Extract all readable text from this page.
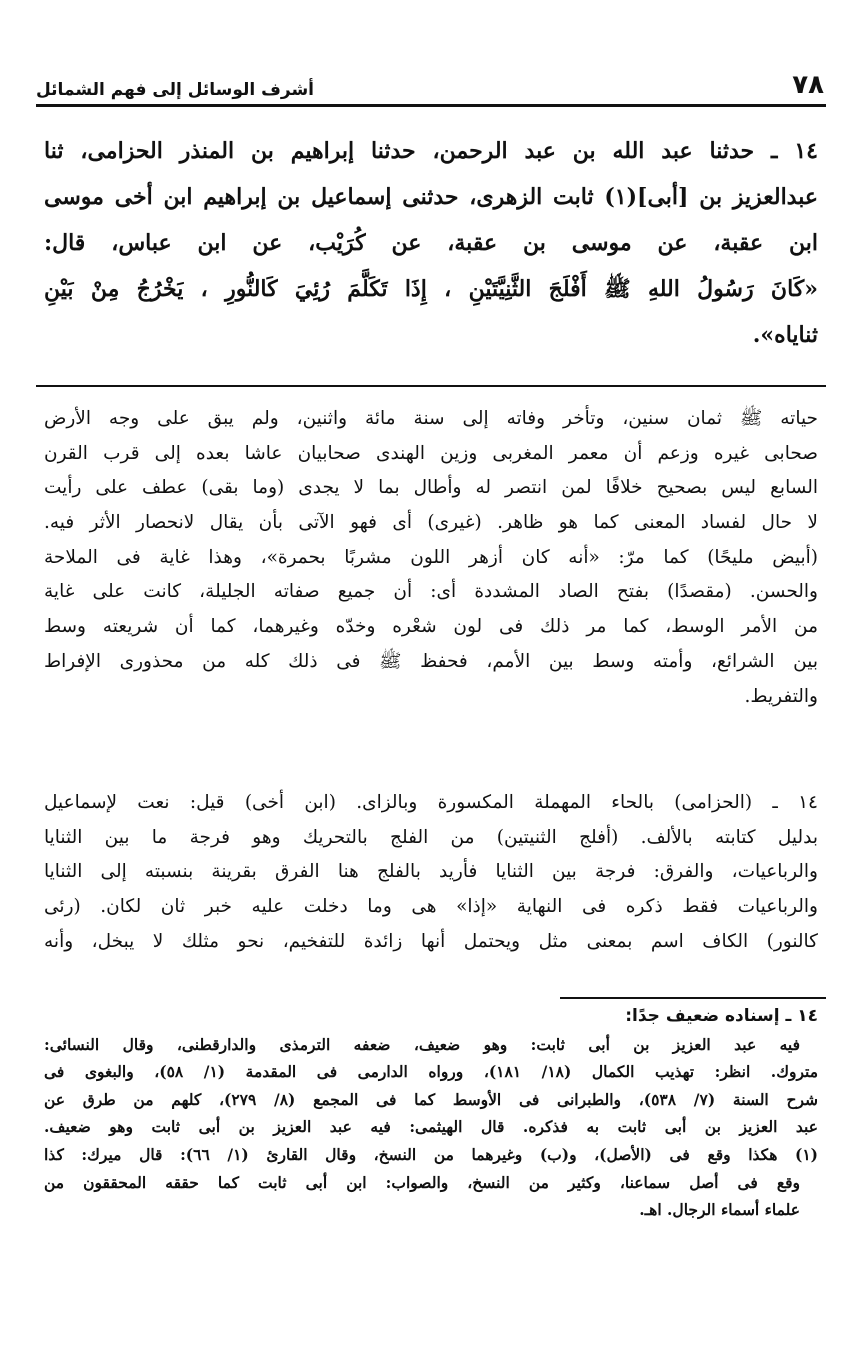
٧٨
أشرف الوسائل إلى فهم الشمائل
١٤ ـ حدثنا عبد الله بن عبد الرحمن، حدثنا إبراهيم بن المنذر الحزامى، ثنا
عبدالعزيز بن [أبى](١) ثابت الزهرى، حدثنى إسماعيل بن إبراهيم ابن أخى موسى
ابن عقبة، عن موسى بن عقبة، عن كُرَيْب، عن ابن عباس، قال:
«كَانَ رَسُولُ اللهِ ﷺ أَفْلَجَ الثَّنِيَّتَيْنِ ، إِذَا تَكَلَّمَ رُئِيَ كَالنُّورِ ، يَخْرُجُ مِنْ بَيْنِ
ثناياه».
حياته ﷺ ثمان سنين، وتأخر وفاته إلى سنة مائة واثنين، ولم يبق على وجه الأرض
صحابى غيره وزعم أن معمر المغربى وزين الهندى صحابيان عاشا بعده إلى قرب القرن
السابع ليس بصحيح خلافًا لمن انتصر له وأطال بما لا يجدى (وما بقى) عطف على رأيت
لا حال لفساد المعنى كما هو ظاهر. (غيرى) أى فهو الآتى بأن يقال لانحصار الأثر فيه.
(أبيض مليحًا) كما مرّ: «أنه كان أزهر اللون مشربًا بحمرة»، وهذا غاية فى الملاحة
والحسن. (مقصدًا) بفتح الصاد المشددة أى: أن جميع صفاته الجليلة، كانت على غاية
من الأمر الوسط، كما مر ذلك فى لون شعْره وخدّه وغيرهما، كما أن شريعته وسط
بين الشرائع، وأمته وسط بين الأمم، فحفظ ﷺ فى ذلك كله من محذورى الإفراط
والتفريط.
١٤ ـ (الحزامى) بالحاء المهملة المكسورة وبالزاى. (ابن أخى) قيل: نعت لإسماعيل
بدليل كتابته بالألف. (أفلج الثنيتين) من الفلج بالتحريك وهو فرجة ما بين الثنايا
والرباعيات، والفرق: فرجة بين الثنايا فأريد بالفلج هنا الفرق بقرينة بنسبته إلى الثنايا
والرباعيات فقط ذكره فى النهاية «إذا» هى وما دخلت عليه خبر ثان لكان. (رئى
كالنور) الكاف اسم بمعنى مثل ويحتمل أنها زائدة للتفخيم، نحو مثلك لا يبخل، وأنه
١٤ ـ إسناده ضعيف جدًا:
فيه عبد العزيز بن أبى ثابت: وهو ضعيف، ضعفه الترمذى والدارقطنى، وقال النسائى:
متروك. انظر: تهذيب الكمال (١٨/ ١٨١)، ورواه الدارمى فى المقدمة (١/ ٥٨)، والبغوى فى
شرح السنة (٧/ ٥٣٨)، والطبرانى فى الأوسط كما فى المجمع (٨/ ٢٧٩)، كلهم من طرق عن
عبد العزيز بن أبى ثابت به فذكره. قال الهيثمى: فيه عبد العزيز بن أبى ثابت وهو ضعيف.
(١) هكذا وقع فى (الأصل)، و(ب) وغيرهما من النسخ، وقال القارئ (١/ ٦٦): قال ميرك: كذا
وقع فى أصل سماعنا، وكثير من النسخ، والصواب: ابن أبى ثابت كما حققه المحققون من
علماء أسماء الرجال. اهـ.
